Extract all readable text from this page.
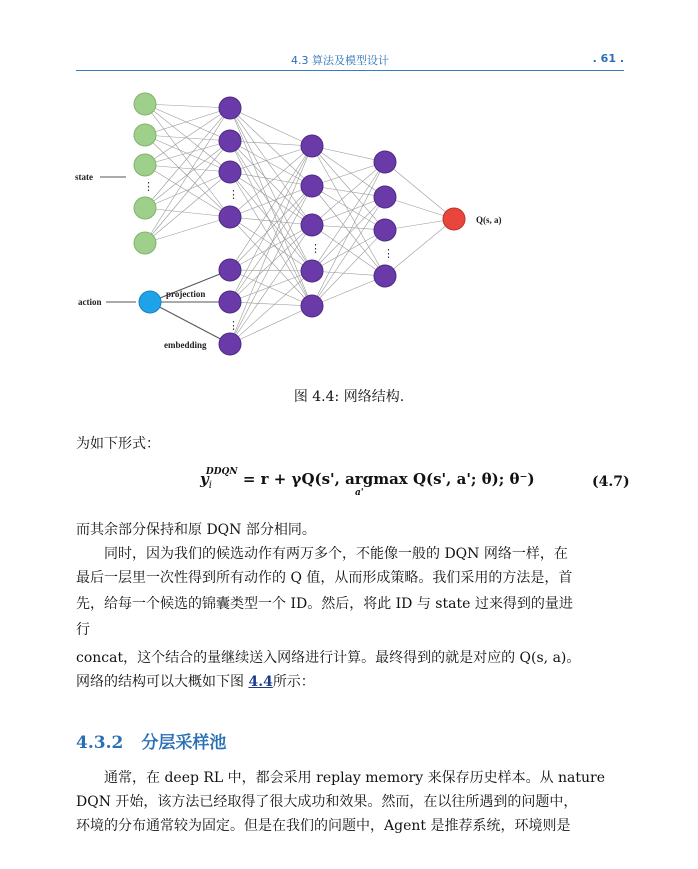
4.3 算法及模型设计	. 61 .
⋮
⋮
⋮
⋮	⋮
state
action
projection
embedding
Q(s, a)
图 4.4: 网络结构.
为如下形式：
$y_i^{DDQN} = r + \gamma Q(s'$, argmax Q(s', a'; θ); θ⁻)
a'
(4.7)
而其余部分保持和原 DQN 部分相同。
同时，因为我们的候选动作有两万多个，不能像一般的 DQN 网络一样，在
最后一层里一次性得到所有动作的 Q 值，从而形成策略。我们采用的方法是，首
先，给每一个候选的锦囊类型一个 ID。然后，将此 ID 与 state 过来得到的量进
行
concat，这个结合的量继续送入网络进行计算。最终得到的就是对应的 Q(s, a)。
网络的结构可以大概如下图 4.4所示：
4.3.2 分层采样池
通常，在 deep RL 中，都会采用 replay memory 来保存历史样本。从 nature
DQN 开始，该方法已经取得了很大成功和效果。然而，在以往所遇到的问题中，
环境的分布通常较为固定。但是在我们的问题中，Agent 是推荐系统，环境则是
